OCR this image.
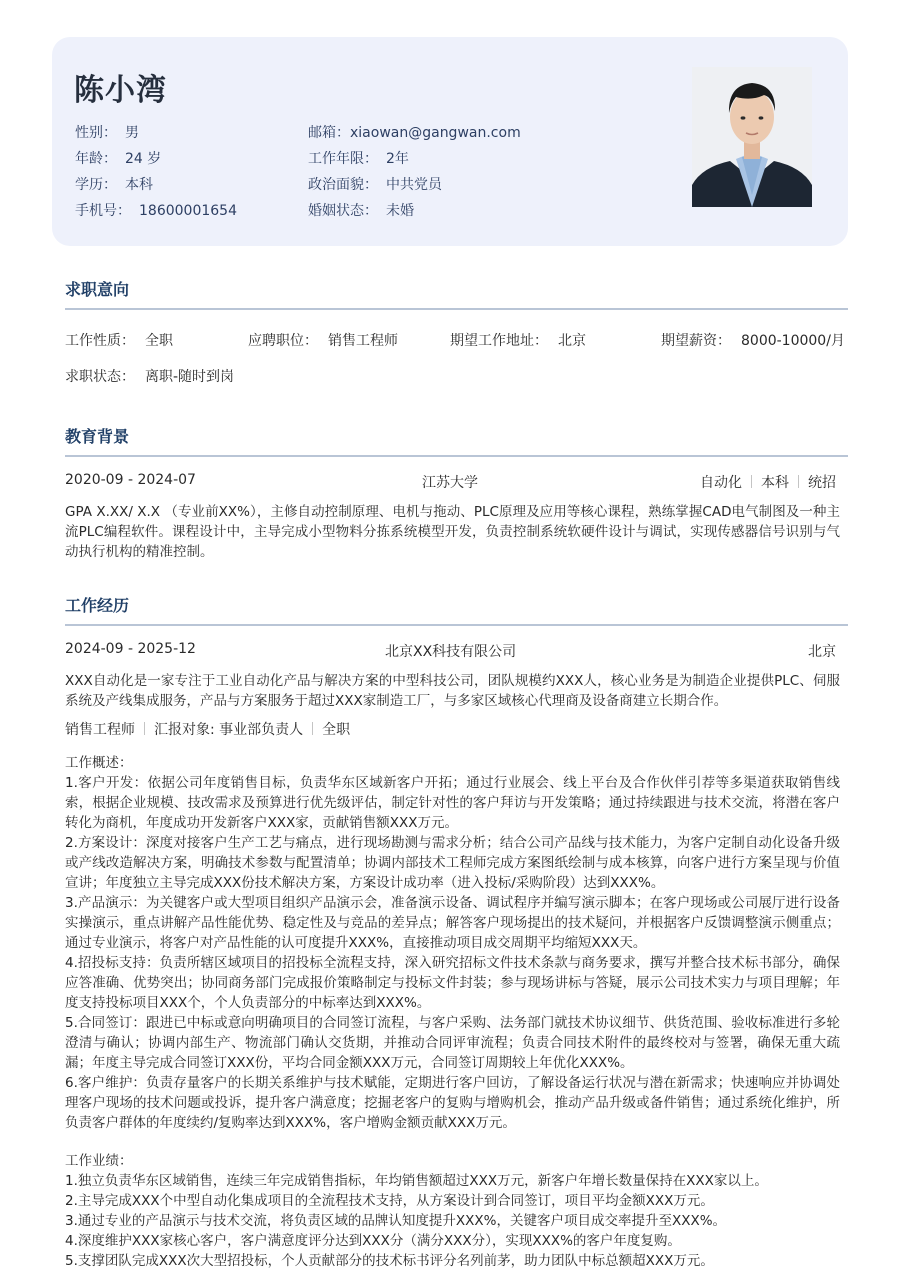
陈小湾
性别： 男
年龄： 24 岁
学历： 本科
手机号： 18600001654
邮箱：xiaowan@gangwan.com
工作年限： 2年
政治面貌： 中共党员
婚姻状态： 未婚
求职意向
工作性质： 全职	应聘职位： 销售工程师	期望工作地址： 北京	期望薪资： 8000-10000/月
求职状态： 离职-随时到岗
教育背景
2020-09 - 2024-07	江苏大学	自动化 本科 统招

GPA X.XX/ X.X （专业前XX%），主修自动控制原理、电机与拖动、PLC原理及应用等核心课程，熟练掌握CAD电气制图及一种主流PLC编程软件。课程设计中，主导完成小型物料分拣系统模型开发，负责控制系统软硬件设计与调试，实现传感器信号识别与气动执行机构的精准控制。

工作经历
2024-09 - 2025-12	北京XX科技有限公司	北京

XXX自动化是一家专注于工业自动化产品与解决方案的中型科技公司，团队规模约XXX人，核心业务是为制造企业提供PLC、伺服系统及产线集成服务，产品与方案服务于超过XXX家制造工厂，与多家区域核心代理商及设备商建立长期合作。

销售工程师 汇报对象: 事业部负责人 全职
工作概述：
1.客户开发：依据公司年度销售目标，负责华东区域新客户开拓；通过行业展会、线上平台及合作伙伴引荐等多渠道获取销售线索，根据企业规模、技改需求及预算进行优先级评估，制定针对性的客户拜访与开发策略；通过持续跟进与技术交流，将潜在客户转化为商机，年度成功开发新客户XXX家，贡献销售额XXX万元。
2.方案设计：深度对接客户生产工艺与痛点，进行现场勘测与需求分析；结合公司产品线与技术能力，为客户定制自动化设备升级或产线改造解决方案，明确技术参数与配置清单；协调内部技术工程师完成方案图纸绘制与成本核算，向客户进行方案呈现与价值宣讲；年度独立主导完成XXX份技术解决方案，方案设计成功率（进入投标/采购阶段）达到XXX%。
3.产品演示：为关键客户或大型项目组织产品演示会，准备演示设备、调试程序并编写演示脚本；在客户现场或公司展厅进行设备实操演示，重点讲解产品性能优势、稳定性及与竞品的差异点；解答客户现场提出的技术疑问，并根据客户反馈调整演示侧重点；通过专业演示，将客户对产品性能的认可度提升XXX%，直接推动项目成交周期平均缩短XXX天。
4.招投标支持：负责所辖区域项目的招投标全流程支持，深入研究招标文件技术条款与商务要求，撰写并整合技术标书部分，确保应答准确、优势突出；协同商务部门完成报价策略制定与投标文件封装；参与现场讲标与答疑，展示公司技术实力与项目理解；年度支持投标项目XXX个，个人负责部分的中标率达到XXX%。
5.合同签订：跟进已中标或意向明确项目的合同签订流程，与客户采购、法务部门就技术协议细节、供货范围、验收标准进行多轮澄清与确认；协调内部生产、物流部门确认交货期，并推动合同评审流程；负责合同技术附件的最终校对与签署，确保无重大疏漏；年度主导完成合同签订XXX份，平均合同金额XXX万元，合同签订周期较上年优化XXX%。
6.客户维护：负责存量客户的长期关系维护与技术赋能，定期进行客户回访，了解设备运行状况与潜在新需求；快速响应并协调处理客户现场的技术问题或投诉，提升客户满意度；挖掘老客户的复购与增购机会，推动产品升级或备件销售；通过系统化维护，所负责客户群体的年度续约/复购率达到XXX%，客户增购金额贡献XXX万元。
工作业绩：
1.独立负责华东区域销售，连续三年完成销售指标，年均销售额超过XXX万元，新客户年增长数量保持在XXX家以上。
2.主导完成XXX个中型自动化集成项目的全流程技术支持，从方案设计到合同签订，项目平均金额XXX万元。
3.通过专业的产品演示与技术交流，将负责区域的品牌认知度提升XXX%，关键客户项目成交率提升至XXX%。
4.深度维护XXX家核心客户，客户满意度评分达到XXX分（满分XXX分），实现XXX%的客户年度复购。
5.支撑团队完成XXX次大型招投标，个人贡献部分的技术标书评分名列前茅，助力团队中标总额超XXX万元。
